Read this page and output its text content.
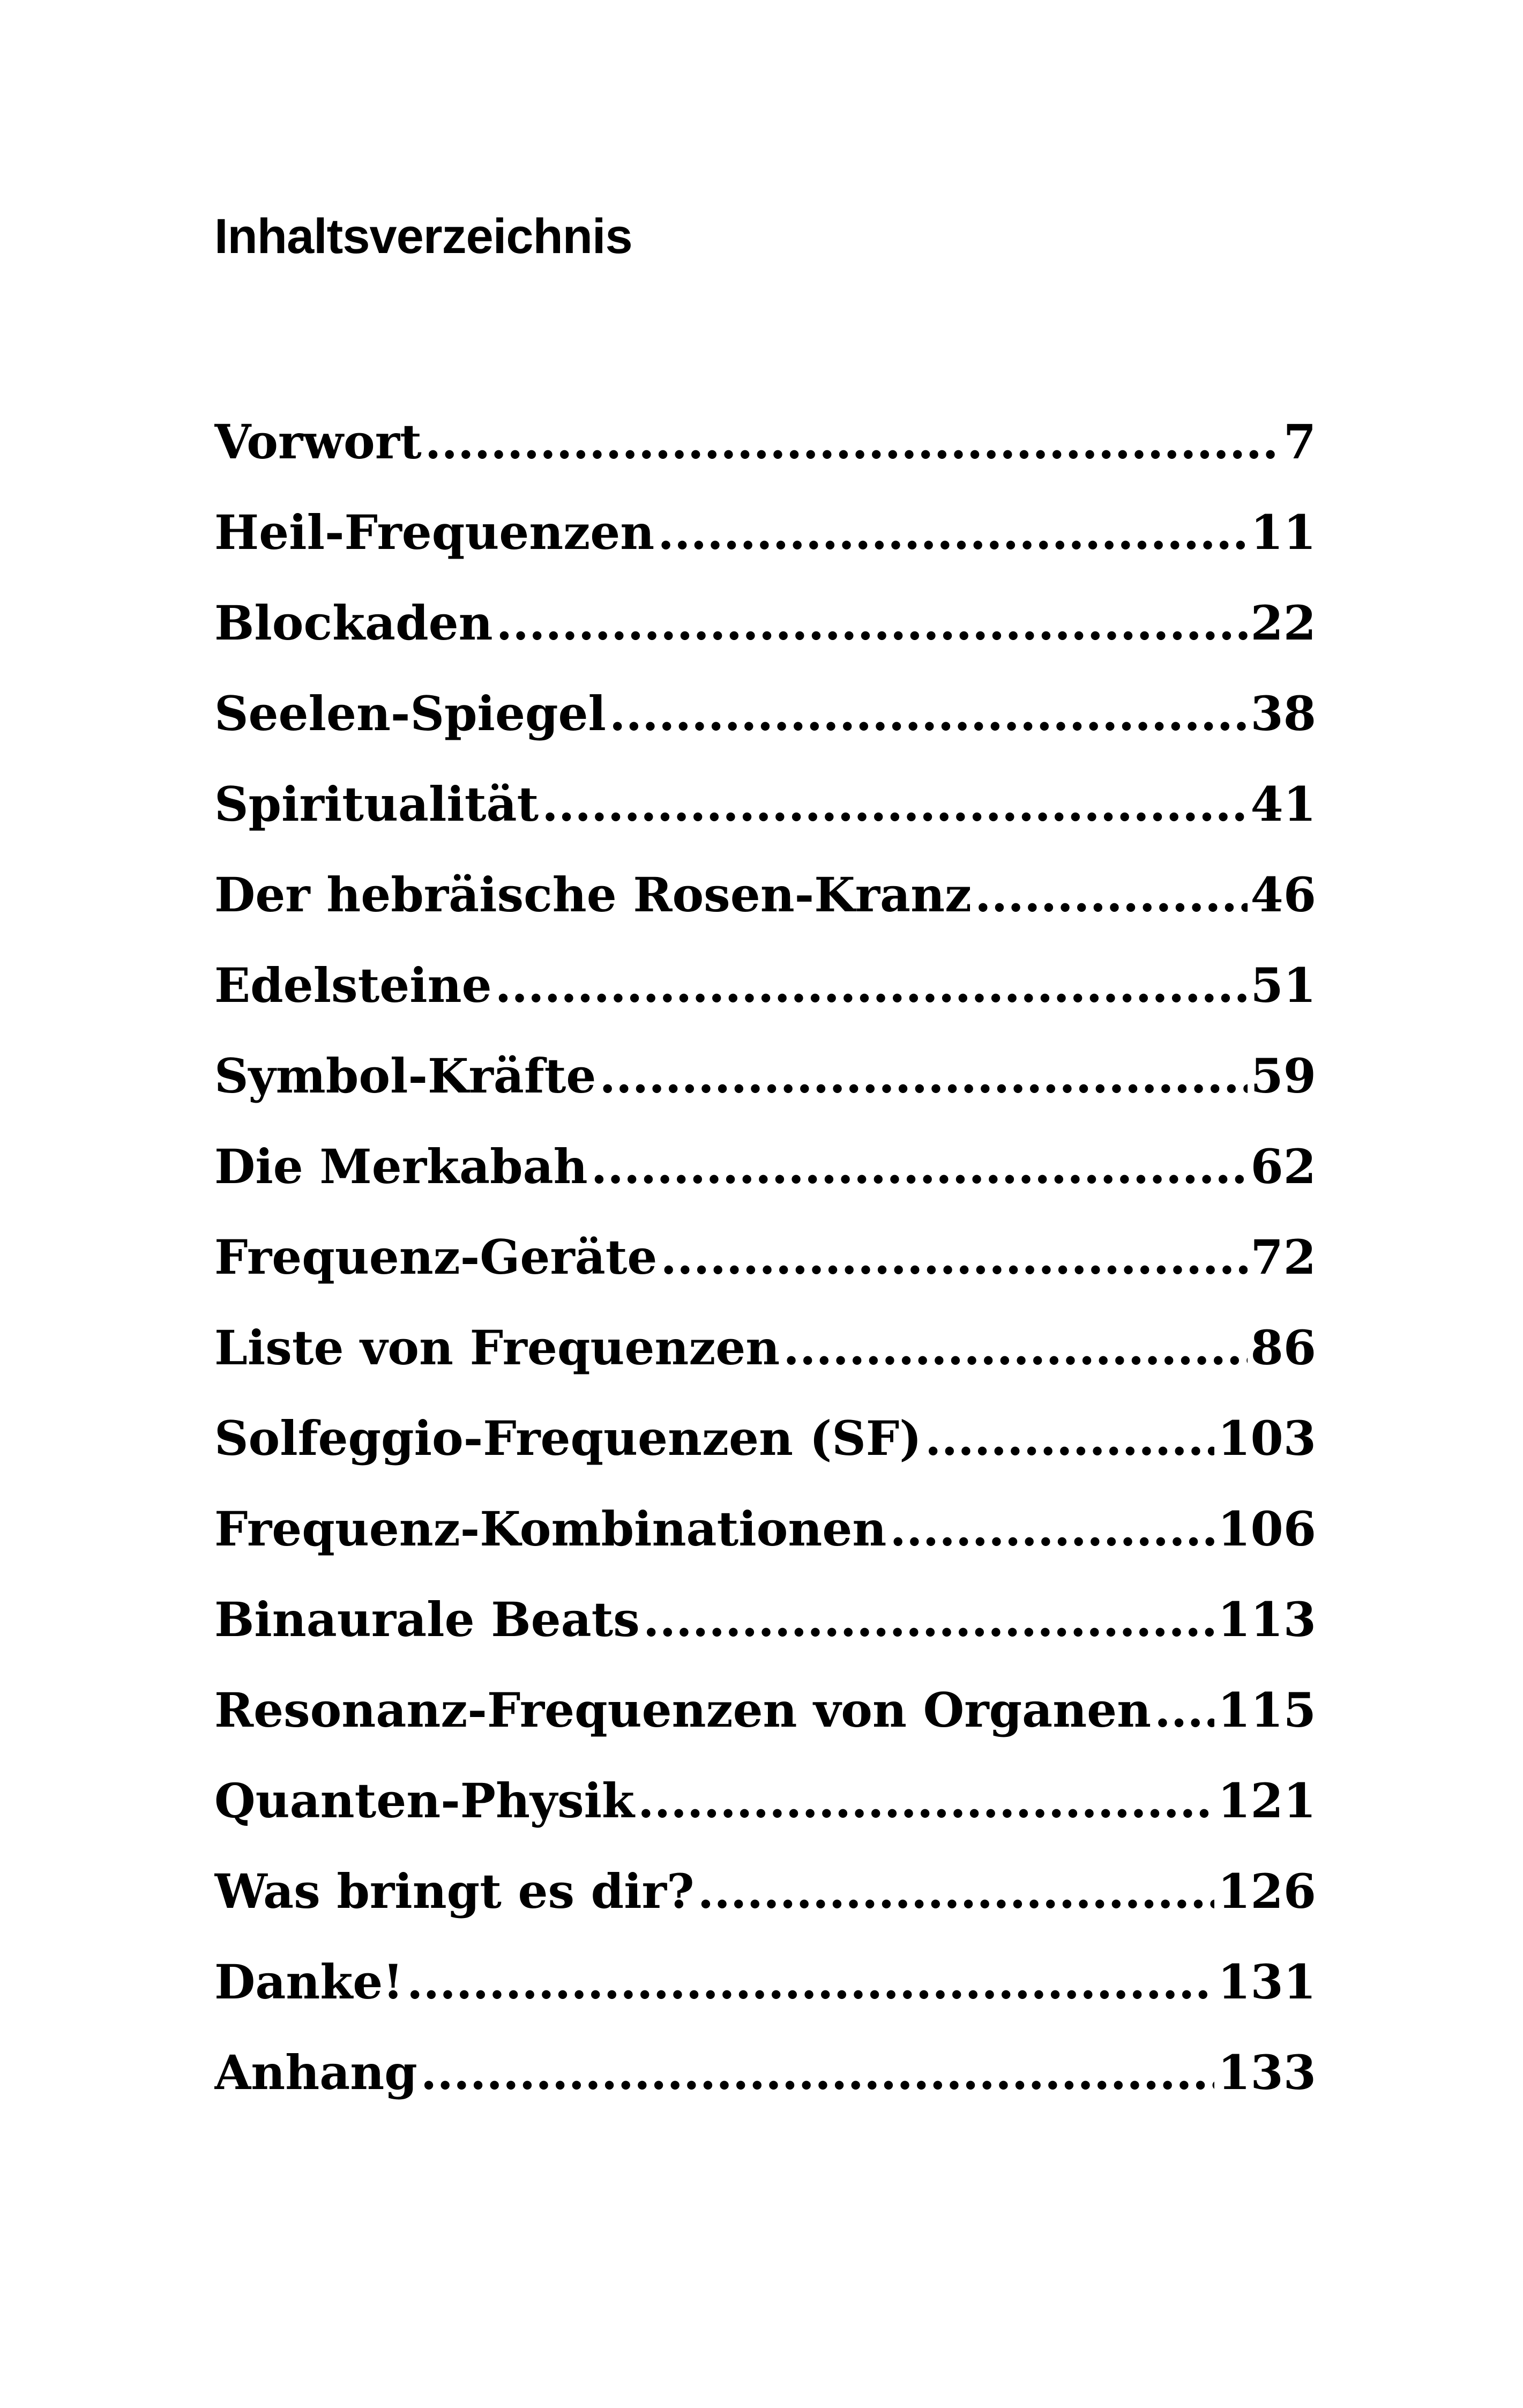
Inhaltsverzeichnis
Vorwort .....	7
Heil-Frequenzen .....	11
Blockaden .....	22
Seelen-Spiegel .....	38
Spiritualität .....	41
Der hebräische Rosen-Kranz .....	46
Edelsteine .....	51
Symbol-Kräfte .....	59
Die Merkabah .....	62
Frequenz-Geräte .....	72
Liste von Frequenzen .....	86
Solfeggio-Frequenzen (SF) .....	103
Frequenz-Kombinationen .....	106
Binaurale Beats .....	113
Resonanz-Frequenzen von Organen ..... 115
Quanten-Physik .....	121
Was bringt es dir? .....	126
Danke! .....	131
Anhang .....	133
